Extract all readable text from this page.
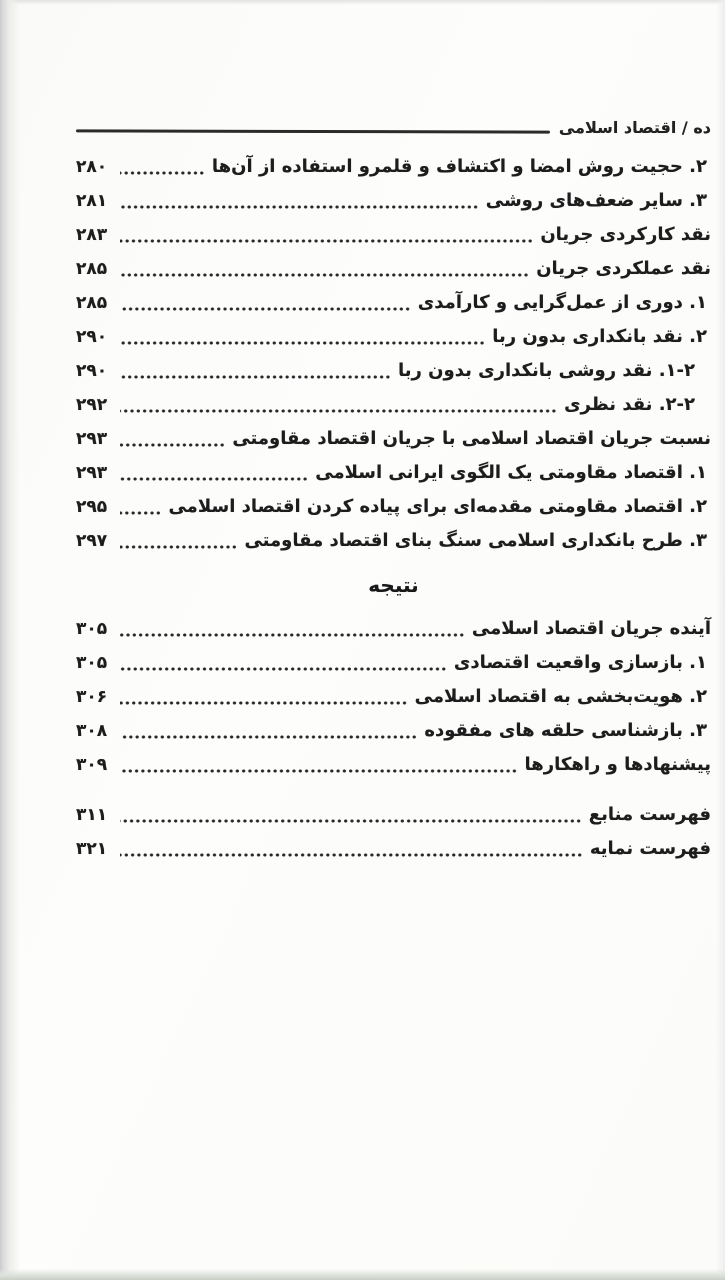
ده / اقتصاد اسلامی
۲. حجیت روش امضا و اکتشاف و قلمرو استفاده از آن‌ها
۲۸۰
۳. سایر ضعف‌های روشی
۲۸۱
نقد کارکردی جریان
۲۸۳
نقد عملکردی جریان
۲۸۵
۱. دوری از عمل‌گرایی و کارآمدی
۲۸۵
۲. نقد بانکداری بدون ربا
۲۹۰
۱-۲. نقد روشی بانکداری بدون ربا
۲۹۰
۲-۲. نقد نظری
۲۹۲
نسبت جریان اقتصاد اسلامی با جریان اقتصاد مقاومتی
۲۹۳
۱. اقتصاد مقاومتی یک الگوی ایرانی اسلامی
۲۹۳
۲. اقتصاد مقاومتی مقدمه‌ای برای پیاده کردن اقتصاد اسلامی
۲۹۵
۳. طرح بانکداری اسلامی سنگ بنای اقتصاد مقاومتی
۲۹۷
نتیجه
آینده جریان اقتصاد اسلامی
۳۰۵
۱. بازسازی واقعیت اقتصادی
۳۰۵
۲. هویت‌بخشی به اقتصاد اسلامی
۳۰۶
۳. بازشناسی حلقه های مفقوده
۳۰۸
پیشنهادها و راهکارها
۳۰۹
فهرست منابع
۳۱۱
فهرست نمایه
۳۲۱
